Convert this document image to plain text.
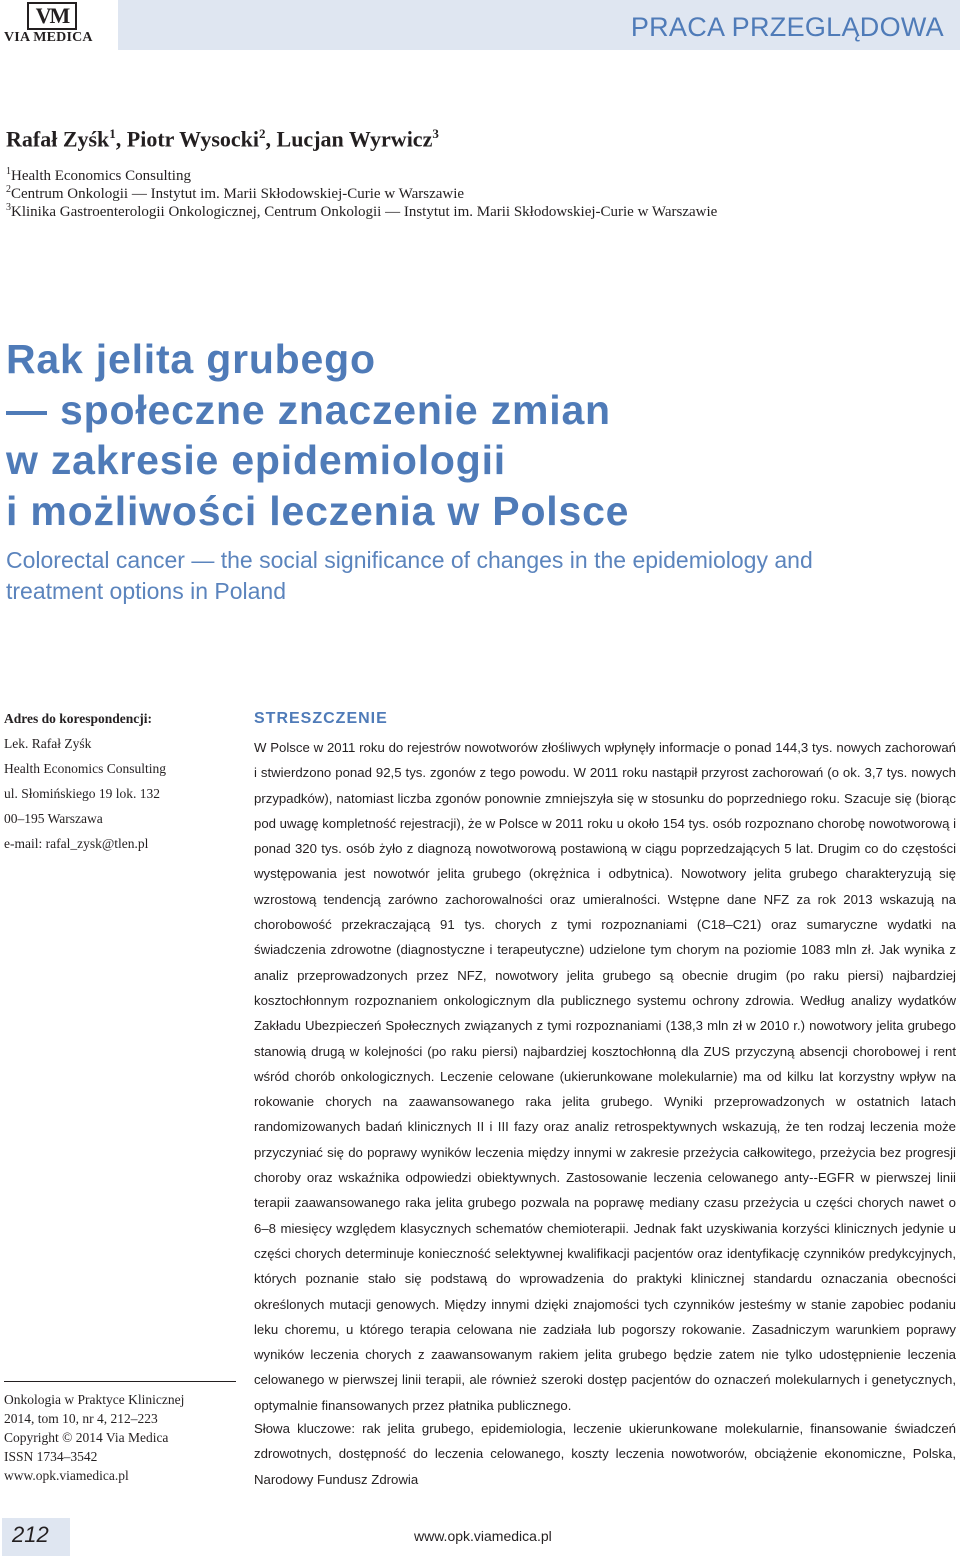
VM
VIA MEDICA	PRACA PRZEGLĄDOWA
Rafał Zyśk$^1$, Piotr Wysocki$^2$, Lucjan Wyrwicz$^3$
$^1$Health Economics Consulting
$^2$Centrum Onkologii — Instytut im. Marii Skłodowskiej-Curie w Warszawie
$^3$Klinika Gastroenterologii Onkologicznej, Centrum Onkologii — Instytut im. Marii Skłodowskiej-Curie w Warszawie
Rak jelita grubego
— społeczne znaczenie zmian
w zakresie epidemiologii
i możliwości leczenia w Polsce
Colorectal cancer — the social significance of changes in the epidemiology and treatment options in Poland
Adres do korespondencji:
Lek. Rafał Zyśk
Health Economics Consulting
ul. Słomińskiego 19 lok. 132
00–195 Warszawa
e-mail: rafal_zysk@tlen.pl
Onkologia w Praktyce Klinicznej
2014, tom 10, nr 4, 212–223
Copyright © 2014 Via Medica
ISSN 1734–3542
www.opk.viamedica.pl
STRESZCZENIE
W Polsce w 2011 roku do rejestrów nowotworów złośliwych wpłynęły informacje o ponad 144,3 tys. nowych zachorowań i stwierdzono ponad 92,5 tys. zgonów z tego powodu. W 2011 roku nastąpił przyrost zachorowań (o ok. 3,7 tys. nowych przypadków), natomiast liczba zgonów ponownie zmniejszyła się w stosunku do poprzedniego roku. Szacuje się (biorąc pod uwagę kompletność rejestracji), że w Polsce w 2011 roku u około 154 tys. osób rozpoznano chorobę nowotworową i ponad 320 tys. osób żyło z diagnozą nowotworową postawioną w ciągu poprzedzających 5 lat. Drugim co do częstości występowania jest nowotwór jelita grubego (okrężnica i odbytnica). Nowotwory jelita grubego charakteryzują się wzrostową tendencją zarówno zachorowalności oraz umieralności. Wstępne dane NFZ za rok 2013 wskazują na chorobowość przekraczającą 91 tys. chorych z tymi rozpoznaniami (C18–C21) oraz sumaryczne wydatki na świadczenia zdrowotne (diagnostyczne i terapeutyczne) udzielone tym chorym na poziomie 1083 mln zł. Jak wynika z analiz przeprowadzonych przez NFZ, nowotwory jelita grubego są obecnie drugim (po raku piersi) najbardziej kosztochłonnym rozpoznaniem onkologicznym dla publicznego systemu ochrony zdrowia. Według analizy wydatków Zakładu Ubezpieczeń Społecznych związanych z tymi rozpoznaniami (138,3 mln zł w 2010 r.) nowotwory jelita grubego stanowią drugą w kolejności (po raku piersi) najbardziej kosztochłonną dla ZUS przyczyną absencji chorobowej i rent wśród chorób onkologicznych. Leczenie celowane (ukierunkowane molekularnie) ma od kilku lat korzystny wpływ na rokowanie chorych na zaawansowanego raka jelita grubego. Wyniki przeprowadzonych w ostatnich latach randomizowanych badań klinicznych II i III fazy oraz analiz retrospektywnych wskazują, że ten rodzaj leczenia może przyczyniać się do poprawy wyników leczenia między innymi w zakresie przeżycia całkowitego, przeżycia bez progresji choroby oraz wskaźnika odpowiedzi obiektywnych. Zastosowanie leczenia celowanego anty--EGFR w pierwszej linii terapii zaawansowanego raka jelita grubego pozwala na poprawę mediany czasu przeżycia u części chorych nawet o 6–8 miesięcy względem klasycznych schematów chemioterapii. Jednak fakt uzyskiwania korzyści klinicznych jedynie u części chorych determinuje konieczność selektywnej kwalifikacji pacjentów oraz identyfikację czynników predykcyjnych, których poznanie stało się podstawą do wprowadzenia do praktyki klinicznej standardu oznaczania obecności określonych mutacji genowych. Między innymi dzięki znajomości tych czynników jesteśmy w stanie zapobiec podaniu leku choremu, u którego terapia celowana nie zadziała lub pogorszy rokowanie. Zasadniczym warunkiem poprawy wyników leczenia chorych z zaawansowanym rakiem jelita grubego będzie zatem nie tylko udostępnienie leczenia celowanego w pierwszej linii terapii, ale również szeroki dostęp pacjentów do oznaczeń molekularnych i genetycznych, optymalnie finansowanych przez płatnika publicznego.
Słowa kluczowe: rak jelita grubego, epidemiologia, leczenie ukierunkowane molekularnie, finansowanie świadczeń zdrowotnych, dostępność do leczenia celowanego, koszty leczenia nowotworów, obciążenie ekonomiczne, Polska, Narodowy Fundusz Zdrowia
212	www.opk.viamedica.pl
